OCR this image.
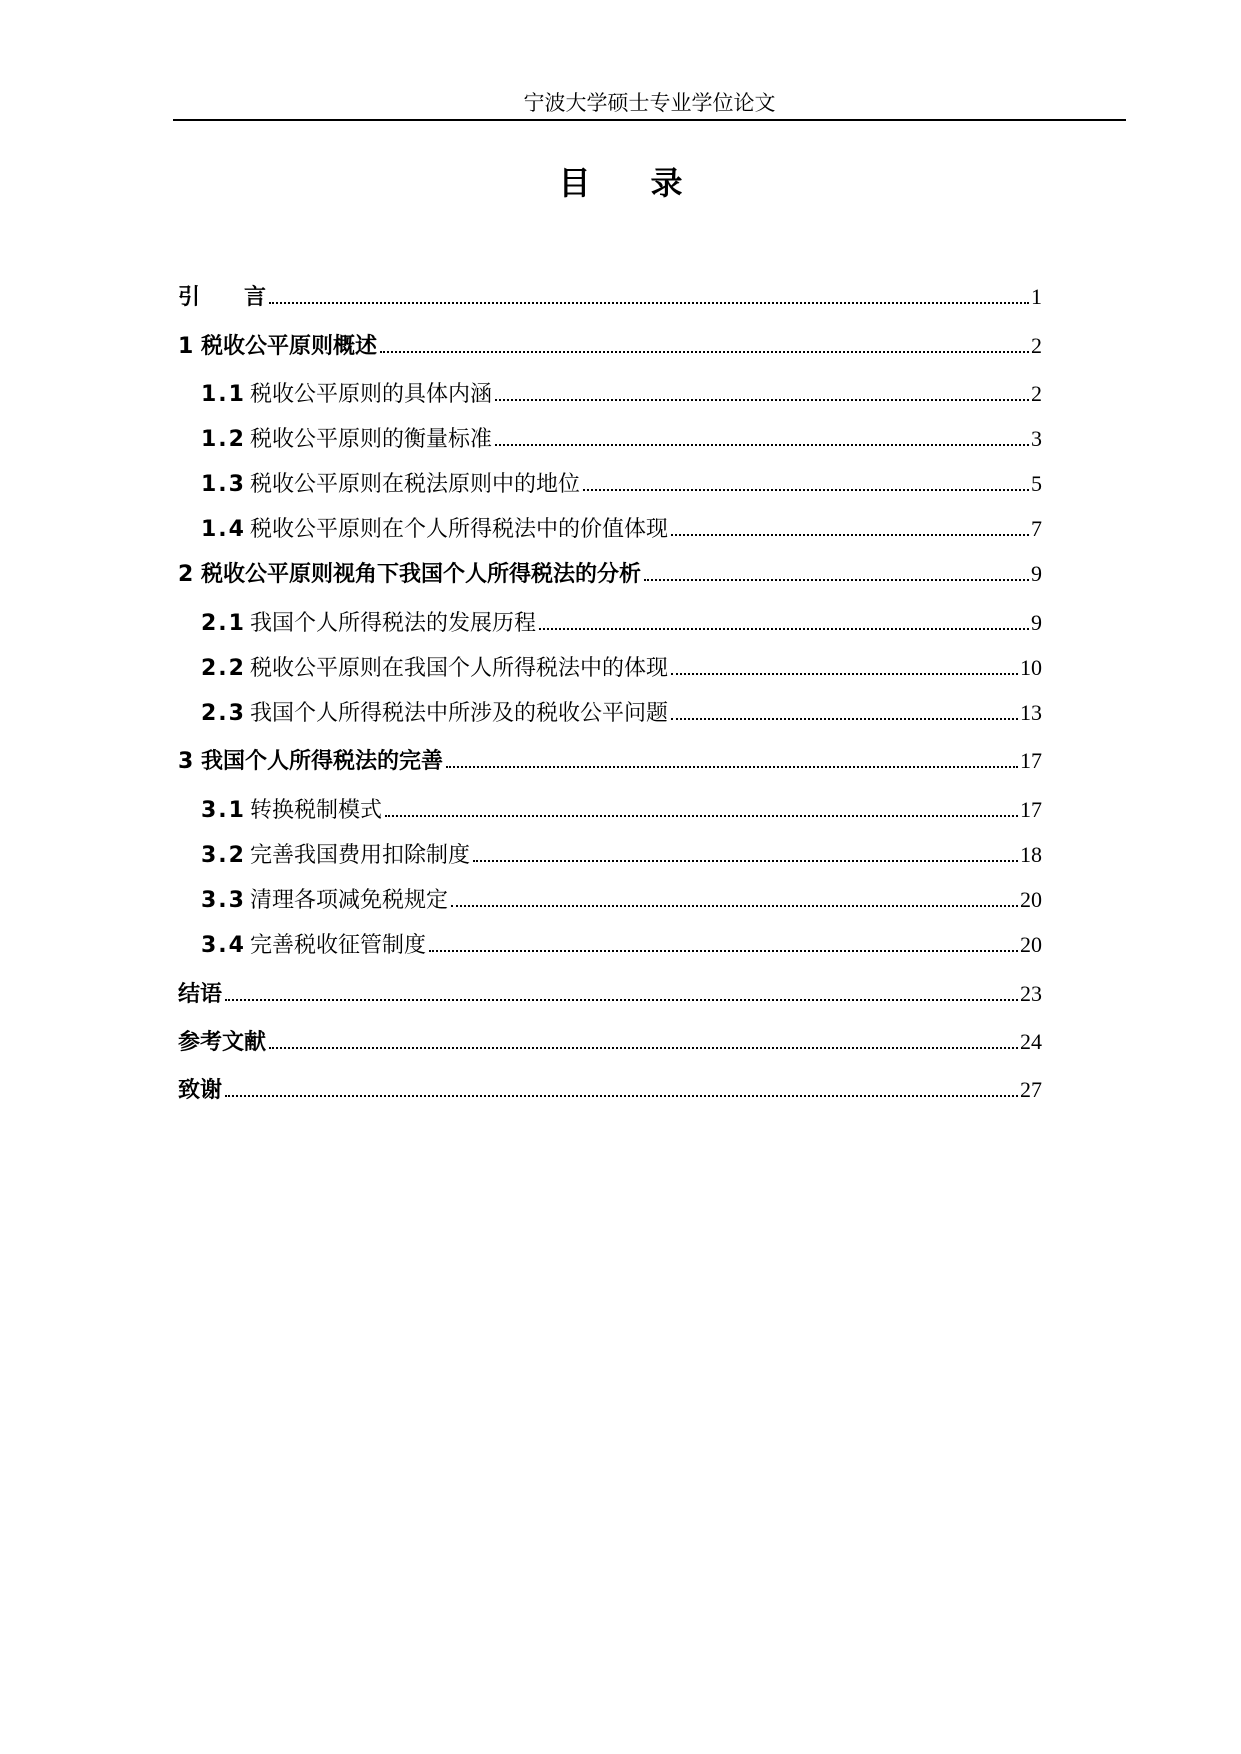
宁波大学硕士专业学位论文
目录
引　　言	1
1 税收公平原则概述	2
1.1 税收公平原则的具体内涵	2
1.2 税收公平原则的衡量标准	3
1.3 税收公平原则在税法原则中的地位	5
1.4 税收公平原则在个人所得税法中的价值体现	7
2 税收公平原则视角下我国个人所得税法的分析	9
2.1 我国个人所得税法的发展历程	9
2.2 税收公平原则在我国个人所得税法中的体现	10
2.3 我国个人所得税法中所涉及的税收公平问题	13
3 我国个人所得税法的完善	17
3.1 转换税制模式	17
3.2 完善我国费用扣除制度	18
3.3 清理各项减免税规定	20
3.4 完善税收征管制度	20
结语	23
参考文献	24
致谢	27
